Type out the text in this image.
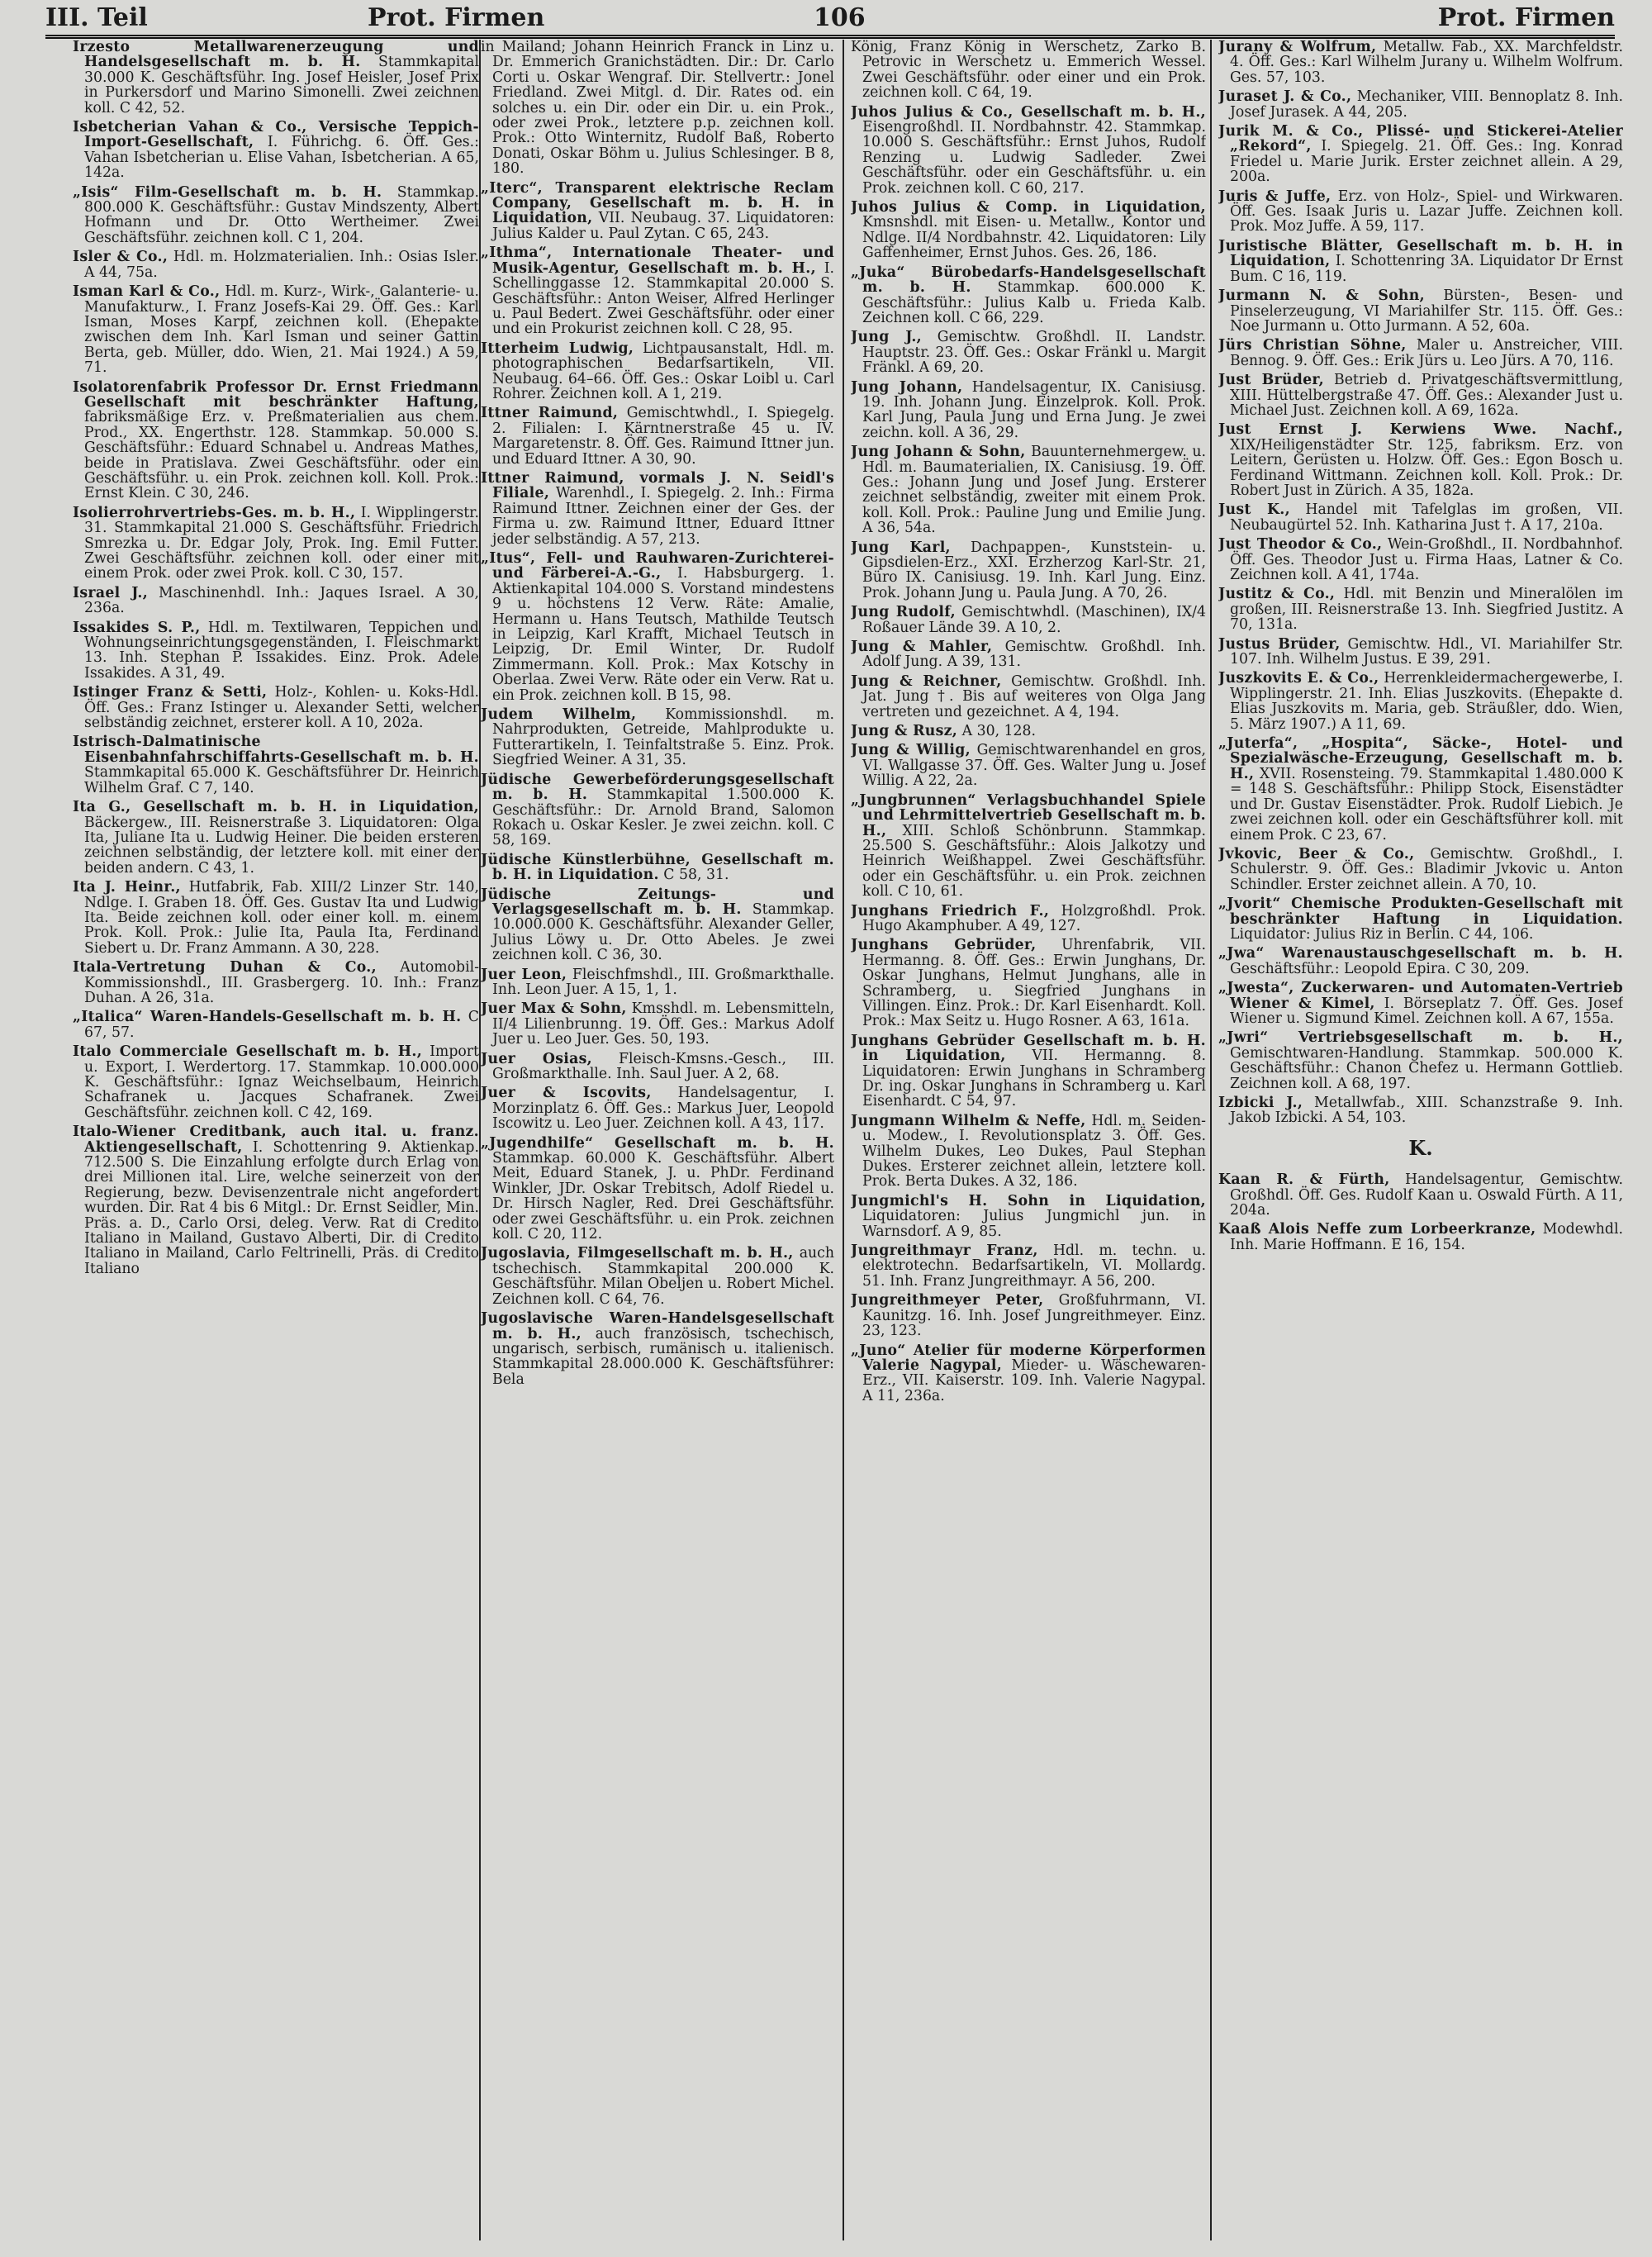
III. Teil	Prot. Firmen	106	Prot. Firmen

Irzesto Metallwarenerzeugung und Handelsgesellschaft m. b. H. Stammkapital 30.000 K. Geschäftsführ. Ing. Josef Heisler, Josef Prix in Purkersdorf und Marino Simonelli. Zwei zeichnen koll. C 42, 52.

Isbetcherian Vahan & Co., Versische Teppich-Import-Gesellschaft, I. Führichg. 6. Öff. Ges.: Vahan Isbetcherian u. Elise Vahan, Isbetcherian. A 65, 142a.

„Isis“ Film-Gesellschaft m. b. H. Stammkap. 800.000 K. Geschäftsführ.: Gustav Mindszenty, Albert Hofmann und Dr. Otto Wertheimer. Zwei Geschäftsführ. zeichnen koll. C 1, 204.

Isler & Co., Hdl. m. Holzmaterialien. Inh.: Osias Isler. A 44, 75a.

Isman Karl & Co., Hdl. m. Kurz-, Wirk-, Galanterie- u. Manufakturw., I. Franz Josefs-Kai 29. Öff. Ges.: Karl Isman, Moses Karpf, zeichnen koll. (Ehepakte zwischen dem Inh. Karl Isman und seiner Gattin Berta, geb. Müller, ddo. Wien, 21. Mai 1924.) A 59, 71.

Isolatorenfabrik Professor Dr. Ernst Friedmann Gesellschaft mit beschränkter Haftung, fabriksmäßige Erz. v. Preßmaterialien aus chem. Prod., XX. Engerthstr. 128. Stammkap. 50.000 S. Geschäftsführ.: Eduard Schnabel u. Andreas Mathes, beide in Pratislava. Zwei Geschäftsführ. oder ein Geschäftsführ. u. ein Prok. zeichnen koll. Koll. Prok.: Ernst Klein. C 30, 246.

Isolierrohrvertriebs-Ges. m. b. H., I. Wipplingerstr. 31. Stammkapital 21.000 S. Geschäftsführ. Friedrich Smrezka u. Dr. Edgar Joly, Prok. Ing. Emil Futter. Zwei Geschäftsführ. zeichnen koll. oder einer mit einem Prok. oder zwei Prok. koll. C 30, 157.

Israel J., Maschinenhdl. Inh.: Jaques Israel. A 30, 236a.

Issakides S. P., Hdl. m. Textilwaren, Teppichen und Wohnungseinrichtungsgegenständen, I. Fleischmarkt 13. Inh. Stephan P. Issakides. Einz. Prok. Adele Issakides. A 31, 49.

Istinger Franz & Setti, Holz-, Kohlen- u. Koks-Hdl. Öff. Ges.: Franz Istinger u. Alexander Setti, welcher selbständig zeichnet, ersterer koll. A 10, 202a.

Istrisch-Dalmatinische Eisenbahnfahrschiffahrts-Gesellschaft m. b. H. Stammkapital 65.000 K. Geschäftsführer Dr. Heinrich Wilhelm Graf. C 7, 140.

Ita G., Gesellschaft m. b. H. in Liquidation, Bäckergew., III. Reisnerstraße 3. Liquidatoren: Olga Ita, Juliane Ita u. Ludwig Heiner. Die beiden ersteren zeichnen selbständig, der letztere koll. mit einer der beiden andern. C 43, 1.

Ita J. Heinr., Hutfabrik, Fab. XIII/2 Linzer Str. 140, Ndlge. I. Graben 18. Öff. Ges. Gustav Ita und Ludwig Ita. Beide zeichnen koll. oder einer koll. m. einem Prok. Koll. Prok.: Julie Ita, Paula Ita, Ferdinand Siebert u. Dr. Franz Ammann. A 30, 228.

Itala-Vertretung Duhan & Co., Automobil-Kommissionshdl., III. Grasbergerg. 10. Inh.: Franz Duhan. A 26, 31a.

„Italica“ Waren-Handels-Gesellschaft m. b. H. C 67, 57.

Italo Commerciale Gesellschaft m. b. H., Import u. Export, I. Werdertorg. 17. Stammkap. 10.000.000 K. Geschäftsführ.: Ignaz Weichselbaum, Heinrich Schafranek u. Jacques Schafranek. Zwei Geschäftsführ. zeichnen koll. C 42, 169.

Italo-Wiener Creditbank, auch ital. u. franz. Aktiengesellschaft, I. Schottenring 9. Aktienkap. 712.500 S. Die Einzahlung erfolgte durch Erlag von drei Millionen ital. Lire, welche seinerzeit von der Regierung, bezw. Devisenzentrale nicht angefordert wurden. Dir. Rat 4 bis 6 Mitgl.: Dr. Ernst Seidler, Min. Präs. a. D., Carlo Orsi, deleg. Verw. Rat di Credito Italiano in Mailand, Gustavo Alberti, Dir. di Credito Italiano in Mailand, Carlo Feltrinelli, Präs. di Credito Italiano

in Mailand; Johann Heinrich Franck in Linz u. Dr. Emmerich Granichstädten. Dir.: Dr. Carlo Corti u. Oskar Wengraf. Dir. Stellvertr.: Jonel Friedland. Zwei Mitgl. d. Dir. Rates od. ein solches u. ein Dir. oder ein Dir. u. ein Prok., oder zwei Prok., letztere p.p. zeichnen koll. Prok.: Otto Winternitz, Rudolf Baß, Roberto Donati, Oskar Böhm u. Julius Schlesinger. B 8, 180.

„Iterc“, Transparent elektrische Reclam Company, Gesellschaft m. b. H. in Liquidation, VII. Neubaug. 37. Liquidatoren: Julius Kalder u. Paul Zytan. C 65, 243.

„Ithma“, Internationale Theater- und Musik-Agentur, Gesellschaft m. b. H., I. Schellinggasse 12. Stammkapital 20.000 S. Geschäftsführ.: Anton Weiser, Alfred Herlinger u. Paul Bedert. Zwei Geschäftsführ. oder einer und ein Prokurist zeichnen koll. C 28, 95.

Itterheim Ludwig, Lichtpausanstalt, Hdl. m. photographischen Bedarfsartikeln, VII. Neubaug. 64–66. Öff. Ges.: Oskar Loibl u. Carl Rohrer. Zeichnen koll. A 1, 219.

Ittner Raimund, Gemischtwhdl., I. Spiegelg. 2. Filialen: I. Kärntnerstraße 45 u. IV. Margaretenstr. 8. Öff. Ges. Raimund Ittner jun. und Eduard Ittner. A 30, 90.

Ittner Raimund, vormals J. N. Seidl's Filiale, Warenhdl., I. Spiegelg. 2. Inh.: Firma Raimund Ittner. Zeichnen einer der Ges. der Firma u. zw. Raimund Ittner, Eduard Ittner jeder selbständig. A 57, 213.

„Itus“, Fell- und Rauhwaren-Zurichterei-und Färberei-A.-G., I. Habsburgerg. 1. Aktienkapital 104.000 S. Vorstand mindestens 9 u. höchstens 12 Verw. Räte: Amalie, Hermann u. Hans Teutsch, Mathilde Teutsch in Leipzig, Karl Krafft, Michael Teutsch in Leipzig, Dr. Emil Winter, Dr. Rudolf Zimmermann. Koll. Prok.: Max Kotschy in Oberlaa. Zwei Verw. Räte oder ein Verw. Rat u. ein Prok. zeichnen koll. B 15, 98.

Judem Wilhelm, Kommissionshdl. m. Nahrprodukten, Getreide, Mahlprodukte u. Futterartikeln, I. Teinfaltstraße 5. Einz. Prok. Siegfried Weiner. A 31, 35.

Jüdische Gewerbeförderungsgesellschaft m. b. H. Stammkapital 1.500.000 K. Geschäftsführ.: Dr. Arnold Brand, Salomon Rokach u. Oskar Kesler. Je zwei zeichn. koll. C 58, 169.

Jüdische Künstlerbühne, Gesellschaft m. b. H. in Liquidation. C 58, 31.

Jüdische Zeitungs- und Verlagsgesellschaft m. b. H. Stammkap. 10.000.000 K. Geschäftsführ. Alexander Geller, Julius Löwy u. Dr. Otto Abeles. Je zwei zeichnen koll. C 36, 30.

Juer Leon, Fleischfmshdl., III. Großmarkthalle. Inh. Leon Juer. A 15, 1, 1.

Juer Max & Sohn, Kmsshdl. m. Lebensmitteln, II/4 Lilienbrunng. 19. Öff. Ges.: Markus Adolf Juer u. Leo Juer. Ges. 50, 193.

Juer Osias, Fleisch-Kmsns.-Gesch., III. Großmarkthalle. Inh. Saul Juer. A 2, 68.

Juer & Iscovits, Handelsagentur, I. Morzinplatz 6. Öff. Ges.: Markus Juer, Leopold Iscowitz u. Leo Juer. Zeichnen koll. A 43, 117.

„Jugendhilfe“ Gesellschaft m. b. H. Stammkap. 60.000 K. Geschäftsführ. Albert Meit, Eduard Stanek, J. u. PhDr. Ferdinand Winkler, JDr. Oskar Trebitsch, Adolf Riedel u. Dr. Hirsch Nagler, Red. Drei Geschäftsführ. oder zwei Geschäftsführ. u. ein Prok. zeichnen koll. C 20, 112.

Jugoslavia, Filmgesellschaft m. b. H., auch tschechisch. Stammkapital 200.000 K. Geschäftsführ. Milan Obeljen u. Robert Michel. Zeichnen koll. C 64, 76.

Jugoslavische Waren-Handelsgesellschaft m. b. H., auch französisch, tschechisch, ungarisch, serbisch, rumänisch u. italienisch. Stammkapital 28.000.000 K. Geschäftsführer: Bela

König, Franz König in Werschetz, Zarko B. Petrovic in Werschetz u. Emmerich Wessel. Zwei Geschäftsführ. oder einer und ein Prok. zeichnen koll. C 64, 19.

Juhos Julius & Co., Gesellschaft m. b. H., Eisengroßhdl. II. Nordbahnstr. 42. Stammkap. 10.000 S. Geschäftsführ.: Ernst Juhos, Rudolf Renzing u. Ludwig Sadleder. Zwei Geschäftsführ. oder ein Geschäftsführ. u. ein Prok. zeichnen koll. C 60, 217.

Juhos Julius & Comp. in Liquidation, Kmsnshdl. mit Eisen- u. Metallw., Kontor und Ndlge. II/4 Nordbahnstr. 42. Liquidatoren: Lily Gaffenheimer, Ernst Juhos. Ges. 26, 186.

„Juka“ Bürobedarfs-Handelsgesellschaft m. b. H. Stammkap. 600.000 K. Geschäftsführ.: Julius Kalb u. Frieda Kalb. Zeichnen koll. C 66, 229.

Jung J., Gemischtw. Großhdl. II. Landstr. Hauptstr. 23. Öff. Ges.: Oskar Fränkl u. Margit Fränkl. A 69, 20.

Jung Johann, Handelsagentur, IX. Canisiusg. 19. Inh. Johann Jung. Einzelprok. Koll. Prok. Karl Jung, Paula Jung und Erna Jung. Je zwei zeichn. koll. A 36, 29.

Jung Johann & Sohn, Bauunternehmergew. u. Hdl. m. Baumaterialien, IX. Canisiusg. 19. Öff. Ges.: Johann Jung und Josef Jung. Ersterer zeichnet selbständig, zweiter mit einem Prok. koll. Koll. Prok.: Pauline Jung und Emilie Jung. A 36, 54a.

Jung Karl, Dachpappen-, Kunststein- u. Gipsdielen-Erz., XXI. Erzherzog Karl-Str. 21, Büro IX. Canisiusg. 19. Inh. Karl Jung. Einz. Prok. Johann Jung u. Paula Jung. A 70, 26.

Jung Rudolf, Gemischtwhdl. (Maschinen), IX/4 Roßauer Lände 39. A 10, 2.

Jung & Mahler, Gemischtw. Großhdl. Inh. Adolf Jung. A 39, 131.

Jung & Reichner, Gemischtw. Großhdl. Inh. Jat. Jung †. Bis auf weiteres von Olga Jang vertreten und gezeichnet. A 4, 194.

Jung & Rusz, A 30, 128.

Jung & Willig, Gemischtwarenhandel en gros, VI. Wallgasse 37. Öff. Ges. Walter Jung u. Josef Willig. A 22, 2a.

„Jungbrunnen“ Verlagsbuchhandel Spiele und Lehrmittelvertrieb Gesellschaft m. b. H., XIII. Schloß Schönbrunn. Stammkap. 25.500 S. Geschäftsführ.: Alois Jalkotzy und Heinrich Weißhappel. Zwei Geschäftsführ. oder ein Geschäftsführ. u. ein Prok. zeichnen koll. C 10, 61.

Junghans Friedrich F., Holzgroßhdl. Prok. Hugo Akamphuber. A 49, 127.

Junghans Gebrüder, Uhrenfabrik, VII. Hermanng. 8. Öff. Ges.: Erwin Junghans, Dr. Oskar Junghans, Helmut Junghans, alle in Schramberg, u. Siegfried Junghans in Villingen. Einz. Prok.: Dr. Karl Eisenhardt. Koll. Prok.: Max Seitz u. Hugo Rosner. A 63, 161a.

Junghans Gebrüder Gesellschaft m. b. H. in Liquidation, VII. Hermanng. 8. Liquidatoren: Erwin Junghans in Schramberg Dr. ing. Oskar Junghans in Schramberg u. Karl Eisenhardt. C 54, 97.

Jungmann Wilhelm & Neffe, Hdl. m. Seiden- u. Modew., I. Revolutionsplatz 3. Öff. Ges. Wilhelm Dukes, Leo Dukes, Paul Stephan Dukes. Ersterer zeichnet allein, letztere koll. Prok. Berta Dukes. A 32, 186.

Jungmichl's H. Sohn in Liquidation, Liquidatoren: Julius Jungmichl jun. in Warnsdorf. A 9, 85.

Jungreithmayr Franz, Hdl. m. techn. u. elektrotechn. Bedarfsartikeln, VI. Mollardg. 51. Inh. Franz Jungreithmayr. A 56, 200.

Jungreithmeyer Peter, Großfuhrmann, VI. Kaunitzg. 16. Inh. Josef Jungreithmeyer. Einz. 23, 123.

„Juno“ Atelier für moderne Körperformen Valerie Nagypal, Mieder- u. Wäschewaren-Erz., VII. Kaiserstr. 109. Inh. Valerie Nagypal. A 11, 236a.

Jurany & Wolfrum, Metallw. Fab., XX. Marchfeldstr. 4. Öff. Ges.: Karl Wilhelm Jurany u. Wilhelm Wolfrum. Ges. 57, 103.

Juraset J. & Co., Mechaniker, VIII. Bennoplatz 8. Inh. Josef Jurasek. A 44, 205.

Jurik M. & Co., Plissé- und Stickerei-Atelier „Rekord“, I. Spiegelg. 21. Öff. Ges.: Ing. Konrad Friedel u. Marie Jurik. Erster zeichnet allein. A 29, 200a.

Juris & Juffe, Erz. von Holz-, Spiel- und Wirkwaren. Öff. Ges. Isaak Juris u. Lazar Juffe. Zeichnen koll. Prok. Moz Juffe. A 59, 117.

Juristische Blätter, Gesellschaft m. b. H. in Liquidation, I. Schottenring 3A. Liquidator Dr Ernst Bum. C 16, 119.

Jurmann N. & Sohn, Bürsten-, Besen- und Pinselerzeugung, VI Mariahilfer Str. 115. Öff. Ges.: Noe Jurmann u. Otto Jurmann. A 52, 60a.

Jürs Christian Söhne, Maler u. Anstreicher, VIII. Bennog. 9. Öff. Ges.: Erik Jürs u. Leo Jürs. A 70, 116.

Just Brüder, Betrieb d. Privatgeschäftsvermittlung, XIII. Hüttelbergstraße 47. Öff. Ges.: Alexander Just u. Michael Just. Zeichnen koll. A 69, 162a.

Just Ernst J. Kerwiens Wwe. Nachf., XIX/Heiligenstädter Str. 125, fabriksm. Erz. von Leitern, Gerüsten u. Holzw. Öff. Ges.: Egon Bosch u. Ferdinand Wittmann. Zeichnen koll. Koll. Prok.: Dr. Robert Just in Zürich. A 35, 182a.

Just K., Handel mit Tafelglas im großen, VII. Neubaugürtel 52. Inh. Katharina Just †. A 17, 210a.

Just Theodor & Co., Wein-Großhdl., II. Nordbahnhof. Öff. Ges. Theodor Just u. Firma Haas, Latner & Co. Zeichnen koll. A 41, 174a.

Justitz & Co., Hdl. mit Benzin und Mineralölen im großen, III. Reisnerstraße 13. Inh. Siegfried Justitz. A 70, 131a.

Justus Brüder, Gemischtw. Hdl., VI. Mariahilfer Str. 107. Inh. Wilhelm Justus. E 39, 291.

Juszkovits E. & Co., Herrenkleidermachergewerbe, I. Wipplingerstr. 21. Inh. Elias Juszkovits. (Ehepakte d. Elias Juszkovits m. Maria, geb. Sträußler, ddo. Wien, 5. März 1907.) A 11, 69.

„Juterfa“, „Hospita“, Säcke-, Hotel- und Spezialwäsche-Erzeugung, Gesellschaft m. b. H., XVII. Rosensteing. 79. Stammkapital 1.480.000 K = 148 S. Geschäftsführ.: Philipp Stock, Eisenstädter und Dr. Gustav Eisenstädter. Prok. Rudolf Liebich. Je zwei zeichnen koll. oder ein Geschäftsführer koll. mit einem Prok. C 23, 67.

Jvkovic, Beer & Co., Gemischtw. Großhdl., I. Schulerstr. 9. Öff. Ges.: Bladimir Jvkovic u. Anton Schindler. Erster zeichnet allein. A 70, 10.

„Jvorit“ Chemische Produkten-Gesellschaft mit beschränkter Haftung in Liquidation. Liquidator: Julius Riz in Berlin. C 44, 106.

„Jwa“ Warenaustauschgesellschaft m. b. H. Geschäftsführ.: Leopold Epira. C 30, 209.

„Jwesta“, Zuckerwaren- und Automaten-Vertrieb Wiener & Kimel, I. Börseplatz 7. Öff. Ges. Josef Wiener u. Sigmund Kimel. Zeichnen koll. A 67, 155a.

„Jwri“ Vertriebsgesellschaft m. b. H., Gemischtwaren-Handlung. Stammkap. 500.000 K. Geschäftsführ.: Chanon Chefez u. Hermann Gottlieb. Zeichnen koll. A 68, 197.

Izbicki J., Metallwfab., XIII. Schanzstraße 9. Inh. Jakob Izbicki. A 54, 103.

K.

Kaan R. & Fürth, Handelsagentur, Gemischtw. Großhdl. Öff. Ges. Rudolf Kaan u. Oswald Fürth. A 11, 204a.

Kaaß Alois Neffe zum Lorbeerkranze, Modewhdl. Inh. Marie Hoffmann. E 16, 154.
